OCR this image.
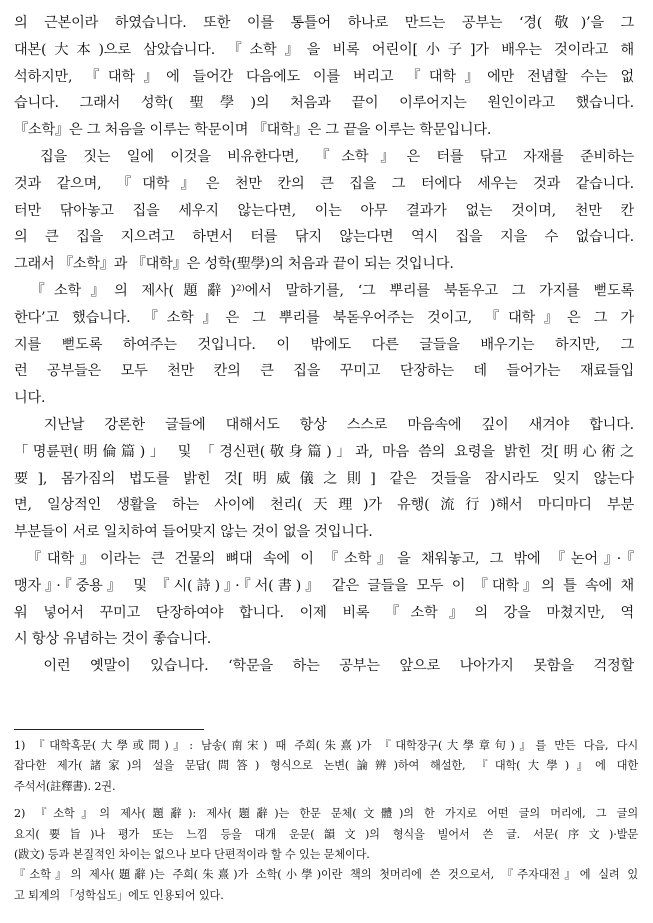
의 근본이라 하였습니다. 또한 이를 통틀어 하나로 만드는 공부는 ‘경(敬)’을 그
대본(大本)으로 삼았습니다. 『소학』을 비록 어린이[小子]가 배우는 것이라고 해
석하지만, 『대학』에 들어간 다음에도 이를 버리고 『대학』에만 전념할 수는 없
습니다. 그래서 성학(聖學)의 처음과 끝이 이루어지는 원인이라고 했습니다.
『소학』은 그 처음을 이루는 학문이며 『대학』은 그 끝을 이루는 학문입니다.
　집을 짓는 일에 이것을 비유한다면, 『소학』은 터를 닦고 자재를 준비하는
것과 같으며, 『대학』은 천만 칸의 큰 집을 그 터에다 세우는 것과 같습니다.
터만 닦아놓고 집을 세우지 않는다면, 이는 아무 결과가 없는 것이며, 천만 칸
의 큰 집을 지으려고 하면서 터를 닦지 않는다면 역시 집을 지을 수 없습니다.
그래서 『소학』과 『대학』은 성학(聖學)의 처음과 끝이 되는 것입니다.
　『소학』의 제사(題辭)²⁾에서 말하기를, ‘그 뿌리를 북돋우고 그 가지를 뻗도록
한다’고 했습니다. 『소학』은 그 뿌리를 북돋우어주는 것이고, 『대학』은 그 가
지를 뻗도록 하여주는 것입니다. 이 밖에도 다른 글들을 배우기는 하지만, 그
런 공부들은 모두 천만 칸의 큰 집을 꾸미고 단장하는 데 들어가는 재료들입
니다.
　지난날 강론한 글들에 대해서도 항상 스스로 마음속에 깊이 새겨야 합니다.
「명륜편(明倫篇)」 및 「경신편(敬身篇)」과, 마음 씀의 요령을 밝힌 것[明心術之
要], 몸가짐의 법도를 밝힌 것[明威儀之則] 같은 것들을 잠시라도 잊지 않는다
면, 일상적인 생활을 하는 사이에 천리(天理)가 유행(流行)해서 마디마디 부분
부분들이 서로 일치하여 들어맞지 않는 것이 없을 것입니다.
　『대학』이라는 큰 건물의 뼈대 속에 이 『소학』을 채워놓고, 그 밖에 『논어』·『
맹자』·『중용』 및 『시(詩)』·『서(書)』 같은 글들을 모두 이 『대학』의 틀 속에 채
워 넣어서 꾸미고 단장하여야 합니다. 이제 비록 『소학』의 강을 마쳤지만, 역
시 항상 유념하는 것이 좋습니다.
　이런 옛말이 있습니다. ‘학문을 하는 공부는 앞으로 나아가지 못함을 걱정할
1) 『대학혹문(大學或問)』: 남송(南宋) 때 주희(朱熹)가 『대학장구(大學章句)』를 만든 다음, 다시
잡다한 제가(諸家)의 설을 문답(問答) 형식으로 논변(論辨)하여 해설한, 『대학(大學)』에 대한
주석서(註釋書). 2권.
2) 『소학』의 제사(題辭): 제사(題辭)는 한문 문체(文體)의 한 가지로 어떤 글의 머리에, 그 글의
요지(要旨)나 평가 또는 느낌 등을 대개 운문(韻文)의 형식을 빌어서 쓴 글. 서문(序文)·발문
(跋文) 등과 본질적인 차이는 없으나 보다 단편적이라 할 수 있는 문체이다.
『소학』의 제사(題辭)는 주희(朱熹)가 소학(小學)이란 책의 첫머리에 쓴 것으로서, 『주자대전』에 실려 있
고 퇴계의 「성학십도」에도 인용되어 있다.
